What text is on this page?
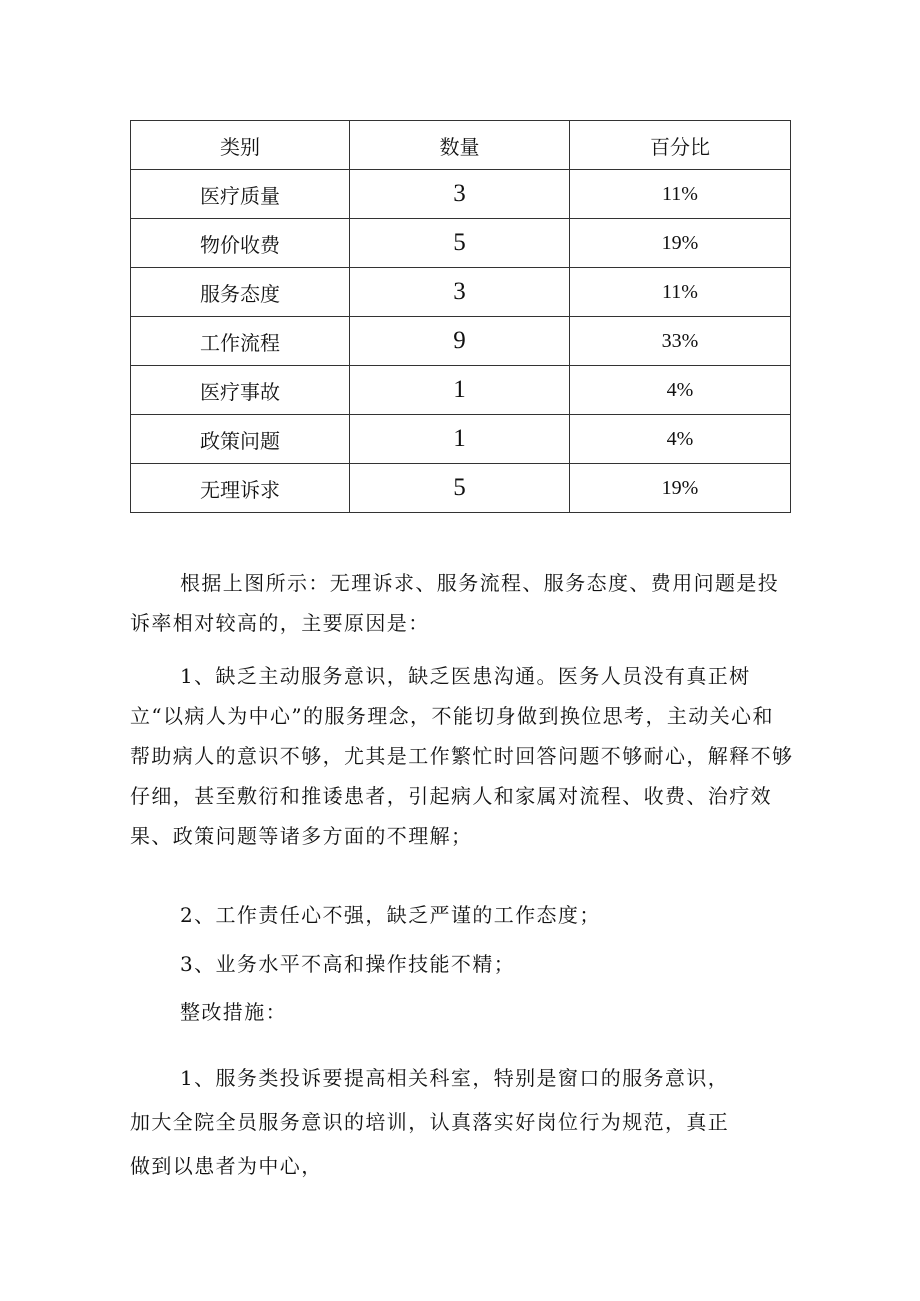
类别	数量	百分比
医疗质量	3	11%
物价收费	5	19%
服务态度	3	11%
工作流程	9	33%
医疗事故	1	4%
政策问题	1	4%
无理诉求	5	19%

根据上图所示：无理诉求、服务流程、服务态度、费用问题是投诉率相对较高的，主要原因是：

1、缺乏主动服务意识，缺乏医患沟通。医务人员没有真正树立“以病人为中心”的服务理念，不能切身做到换位思考，主动关心和帮助病人的意识不够，尤其是工作繁忙时回答问题不够耐心，解释不够仔细，甚至敷衍和推诿患者，引起病人和家属对流程、收费、治疗效果、政策问题等诸多方面的不理解；

2、工作责任心不强，缺乏严谨的工作态度；

3、业务水平不高和操作技能不精；

整改措施：

1、服务类投诉要提高相关科室，特别是窗口的服务意识，
加大全院全员服务意识的培训，认真落实好岗位行为规范，真正
做到以患者为中心，
